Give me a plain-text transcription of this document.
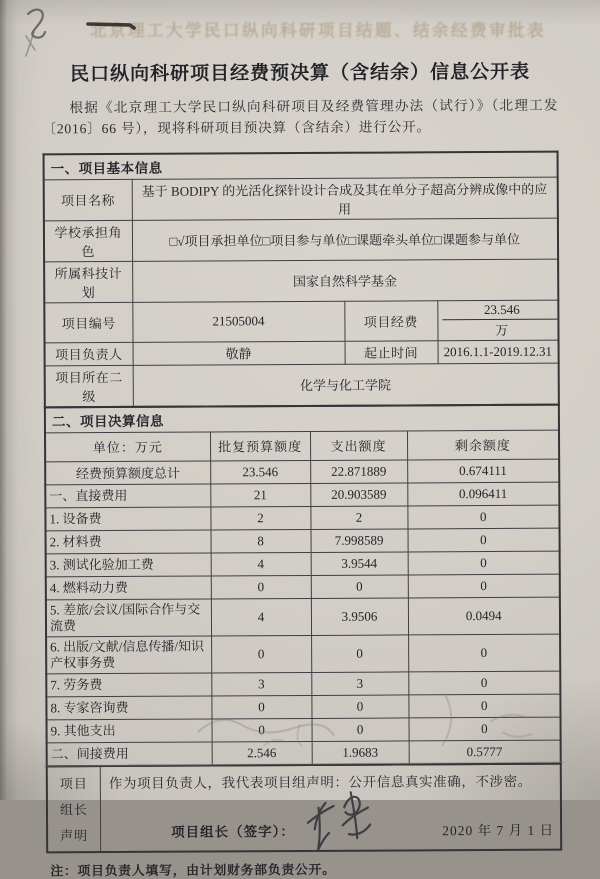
北京理工大学民口纵向科研项目结题、结余经费审批表
民口纵向科研项目经费预决算（含结余）信息公开表

根据《北京理工大学民口纵向科研项目及经费管理办法（试行）》（北理工发〔2016〕66 号），现将科研项目预决算（含结余）进行公开。

一、项目基本信息			
项目名称	基于 BODIPY 的光活化探针设计合成及其在单分子超高分辨成像中的应用		
学校承担角色	□√项目承担单位□项目参与单位□课题牵头单位□课题参与单位		
所属科技计划	国家自然科学基金		
项目编号	21505004	项目经费	23.546万
项目负责人	敬静	起止时间	2016.1.1-2019.12.31
项目所在二级	化学与化工学院		
二、项目决算信息			
单位：万元	批复预算额度	支出额度	剩余额度
经费预算额度总计	23.546	22.871889	0.674111
一、直接费用	21	20.903589	0.096411
1. 设备费	2	2	0
2. 材料费	8	7.998589	0
3. 测试化验加工费	4	3.9544	0
4. 燃料动力费	0	0	0
5. 差旅/会议/国际合作与交流费	4	3.9506	0.0494
6. 出版/文献/信息传播/知识产权事务费	0	0	0
7. 劳务费	3	3	0
8. 专家咨询费	0	0	0
9. 其他支出	0	0	0
二、间接费用	2.546	1.9683	0.5777
项目
组长
声明

作为项目负责人，我代表项目组声明：公开信息真实准确，不涉密。

项目组长（签字）：	2020 年 7 月 1 日

注：项目负责人填写，由计划财务部负责公开。
